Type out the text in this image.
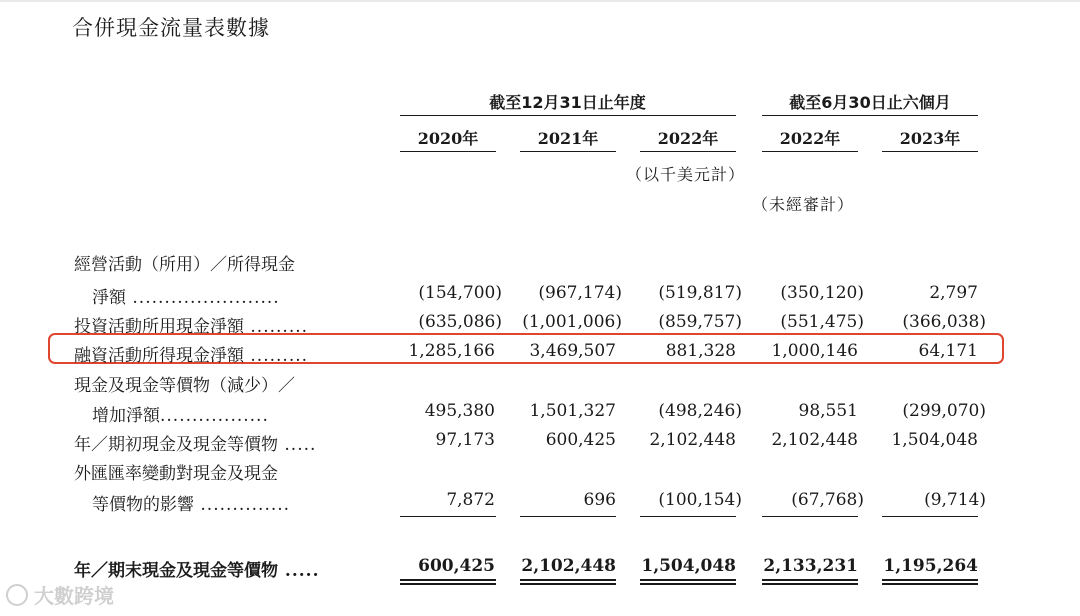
合併現金流量表數據
截至12月31日止年度	截至6月30日止六個月
2020年	2021年	2022年	2022年	2023年
（以千美元計）
（未經審計）
經營活動（所用）／所得現金
淨額 .......................	(154,700) (967,174) (519,817) (350,120)	2,797
投資活動所用現金淨額 .........	(635,086) (1,001,006) (859,757) (551,475) (366,038)
融資活動所得現金淨額 .........	1,285,166 3,469,507	881,328 1,000,146	64,171
現金及現金等價物（減少）／
增加淨額.................	495,380 1,501,327 (498,246)	98,551	(299,070)
年／期初現金及現金等價物 .....	97,173	600,425 2,102,448 2,102,448 1,504,048
外匯匯率變動對現金及現金
等價物的影響 ..............	7,872	696 (100,154)	(67,768)	(9,714)
年／期末現金及現金等價物 .....	600,425 2,102,448 1,504,048 2,133,231 1,195,264
大數跨境
